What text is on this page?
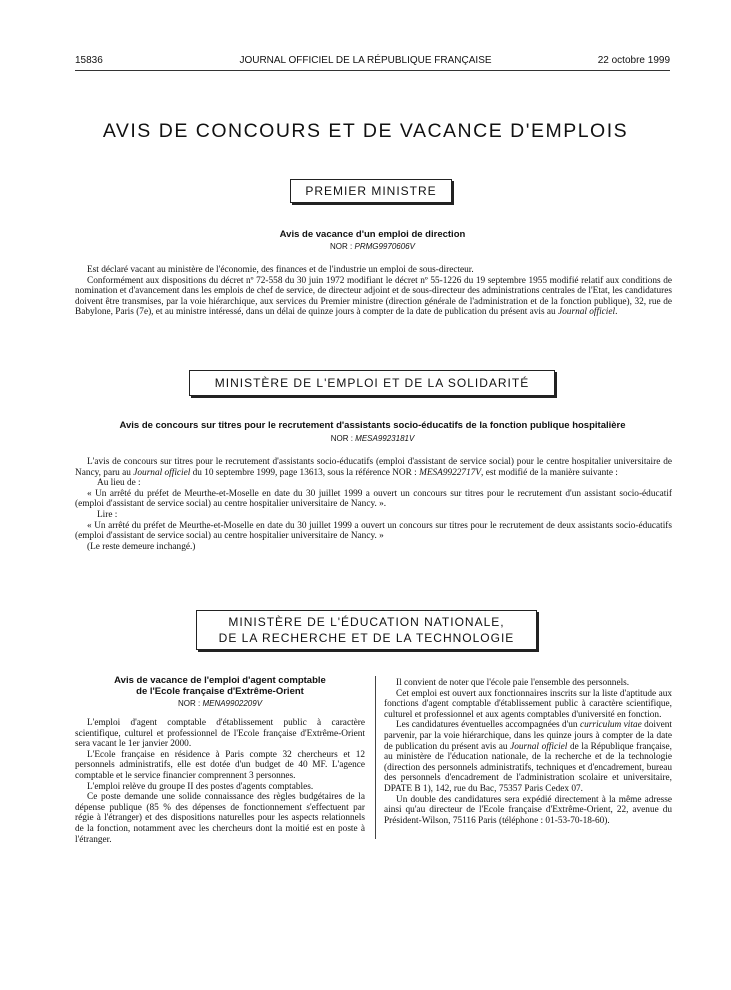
15836	JOURNAL OFFICIEL DE LA RÉPUBLIQUE FRANÇAISE	22 octobre 1999
AVIS DE CONCOURS ET DE VACANCE D'EMPLOIS
PREMIER MINISTRE
Avis de vacance d'un emploi de direction
NOR : PRMG9970606V

Est déclaré vacant au ministère de l'économie, des finances et de l'industrie un emploi de sous-directeur.

Conformément aux dispositions du décret nº 72-558 du 30 juin 1972 modifiant le décret nº 55-1226 du 19 septembre 1955 modifié relatif aux conditions de nomination et d'avancement dans les emplois de chef de service, de directeur adjoint et de sous-directeur des administrations centrales de l'Etat, les candidatures doivent être transmises, par la voie hiérarchique, aux services du Premier ministre (direction générale de l'administration et de la fonction publique), 32, rue de Babylone, Paris (7e), et au ministre intéressé, dans un délai de quinze jours à compter de la date de publication du présent avis au Journal officiel.

MINISTÈRE DE L'EMPLOI ET DE LA SOLIDARITÉ
Avis de concours sur titres pour le recrutement d'assistants socio-éducatifs de la fonction publique hospitalière
NOR : MESA9923181V

L'avis de concours sur titres pour le recrutement d'assistants socio-éducatifs (emploi d'assistant de service social) pour le centre hospitalier universitaire de Nancy, paru au Journal officiel du 10 septembre 1999, page 13613, sous la référence NOR : MESA9922717V, est modifié de la manière suivante :

Au lieu de :

« Un arrêté du préfet de Meurthe-et-Moselle en date du 30 juillet 1999 a ouvert un concours sur titres pour le recrutement d'un assistant socio-éducatif (emploi d'assistant de service social) au centre hospitalier universitaire de Nancy. ».

Lire :

« Un arrêté du préfet de Meurthe-et-Moselle en date du 30 juillet 1999 a ouvert un concours sur titres pour le recrutement de deux assistants socio-éducatifs (emploi d'assistant de service social) au centre hospitalier universitaire de Nancy. »

(Le reste demeure inchangé.)

MINISTÈRE DE L'ÉDUCATION NATIONALE,
DE LA RECHERCHE ET DE LA TECHNOLOGIE
Avis de vacance de l'emploi d'agent comptable
de l'Ecole française d'Extrême-Orient
NOR : MENA9902209V

L'emploi d'agent comptable d'établissement public à caractère scientifique, culturel et professionnel de l'Ecole française d'Extrême-Orient sera vacant le 1er janvier 2000.

L'Ecole française en résidence à Paris compte 32 chercheurs et 12 personnels administratifs, elle est dotée d'un budget de 40 MF. L'agence comptable et le service financier comprennent 3 personnes.

L'emploi relève du groupe II des postes d'agents comptables.

Ce poste demande une solide connaissance des règles budgétaires de la dépense publique (85 % des dépenses de fonctionnement s'effectuent par régie à l'étranger) et des dispositions naturelles pour les aspects relationnels de la fonction, notamment avec les chercheurs dont la moitié est en poste à l'étranger.

Il convient de noter que l'école paie l'ensemble des personnels.

Cet emploi est ouvert aux fonctionnaires inscrits sur la liste d'aptitude aux fonctions d'agent comptable d'établissement public à caractère scientifique, culturel et professionnel et aux agents comptables d'université en fonction.

Les candidatures éventuelles accompagnées d'un curriculum vitae doivent parvenir, par la voie hiérarchique, dans les quinze jours à compter de la date de publication du présent avis au Journal officiel de la République française, au ministère de l'éducation nationale, de la recherche et de la technologie (direction des personnels administratifs, techniques et d'encadrement, bureau des personnels d'encadrement de l'administration scolaire et universitaire, DPATE B 1), 142, rue du Bac, 75357 Paris Cedex 07.

Un double des candidatures sera expédié directement à la même adresse ainsi qu'au directeur de l'Ecole française d'Extrême-Orient, 22, avenue du Président-Wilson, 75116 Paris (téléphone : 01-53-70-18-60).
